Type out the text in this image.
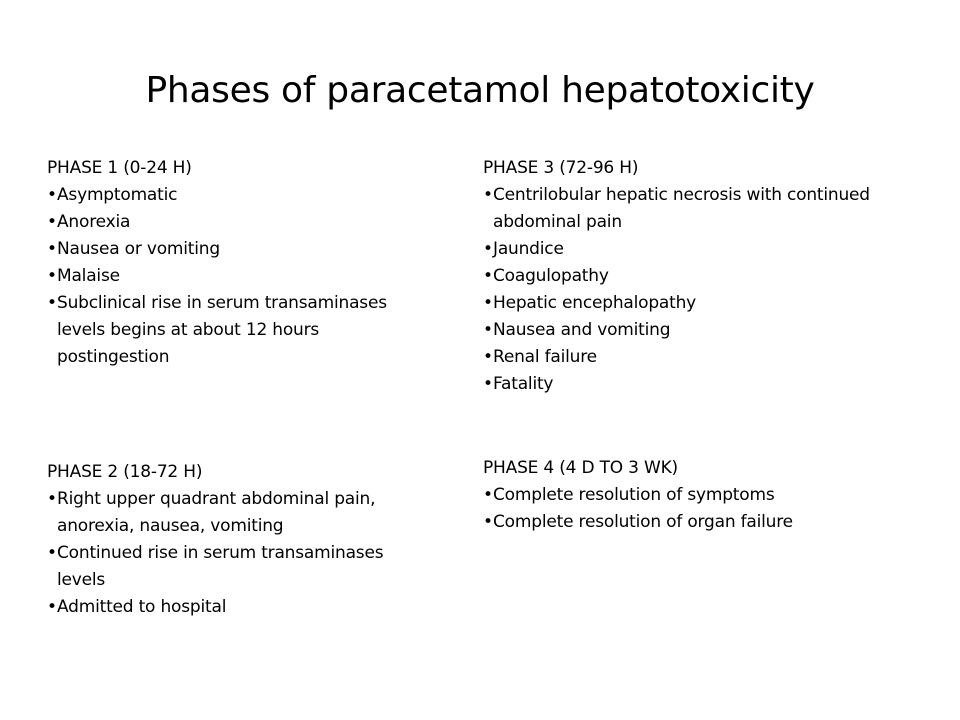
Phases of paracetamol hepatotoxicity
PHASE 1 (0-24 H)
• Asymptomatic
• Anorexia
• Nausea or vomiting
• Malaise
• Subclinical rise in serum transaminases levels begins at about 12 hours postingestion
PHASE 2 (18-72 H)
• Right upper quadrant abdominal pain, anorexia, nausea, vomiting
• Continued rise in serum transaminases levels
• Admitted to hospital
PHASE 3 (72-96 H)
• Centrilobular hepatic necrosis with continued abdominal pain
• Jaundice
• Coagulopathy
• Hepatic encephalopathy
• Nausea and vomiting
• Renal failure
• Fatality
PHASE 4 (4 D TO 3 WK)
• Complete resolution of symptoms
• Complete resolution of organ failure
